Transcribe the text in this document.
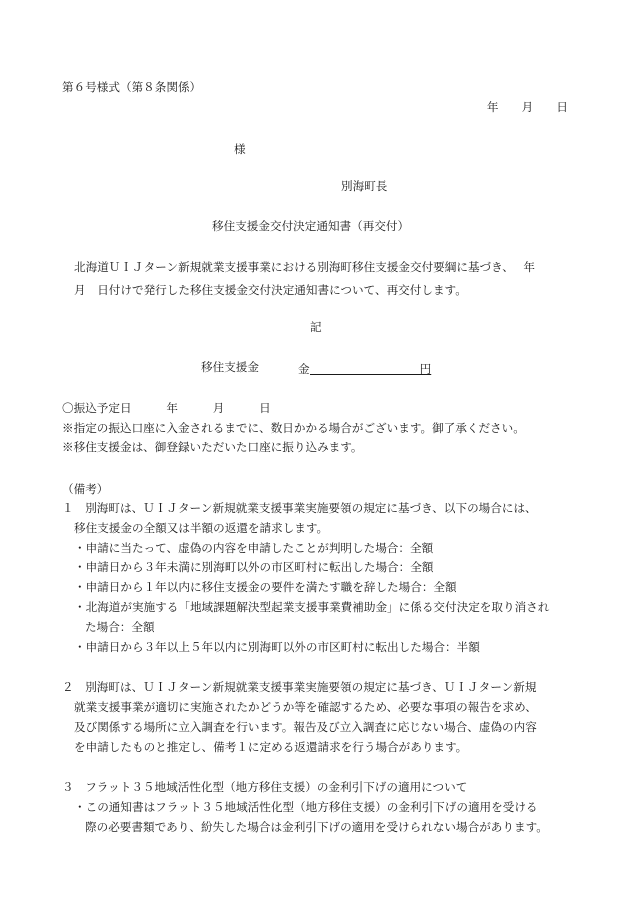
第６号様式（第８条関係）
年　　月　　日
様
別海町長
移住支援金交付決定通知書（再交付）
北海道ＵＩＪターン新規就業支援事業における別海町移住支援金交付要綱に基づき、　 年
月　日付けで発行した移住支援金交付決定通知書について、再交付します。
記
移住支援金	金	円
〇振込予定日　　　年　　　月　　　日
※指定の振込口座に入金されるまでに、数日かかる場合がございます。御了承ください。
※移住支援金は、御登録いただいた口座に振り込みます。
（備考）
１　別海町は、ＵＩＪターン新規就業支援事業実施要領の規定に基づき、以下の場合には、
移住支援金の全額又は半額の返還を請求します。
・申請に当たって、虚偽の内容を申請したことが判明した場合：全額
・申請日から３年未満に別海町以外の市区町村に転出した場合：全額
・申請日から１年以内に移住支援金の要件を満たす職を辞した場合：全額
・北海道が実施する「地域課題解決型起業支援事業費補助金」に係る交付決定を取り消され
た場合：全額
・申請日から３年以上５年以内に別海町以外の市区町村に転出した場合：半額
２　別海町は、ＵＩＪターン新規就業支援事業実施要領の規定に基づき、ＵＩＪターン新規
就業支援事業が適切に実施されたかどうか等を確認するため、必要な事項の報告を求め、
及び関係する場所に立入調査を行います。報告及び立入調査に応じない場合、虚偽の内容
を申請したものと推定し、備考１に定める返還請求を行う場合があります。
３　フラット３５地域活性化型（地方移住支援）の金利引下げの適用について
・この通知書はフラット３５地域活性化型（地方移住支援）の金利引下げの適用を受ける
際の必要書類であり、紛失した場合は金利引下げの適用を受けられない場合があります。
